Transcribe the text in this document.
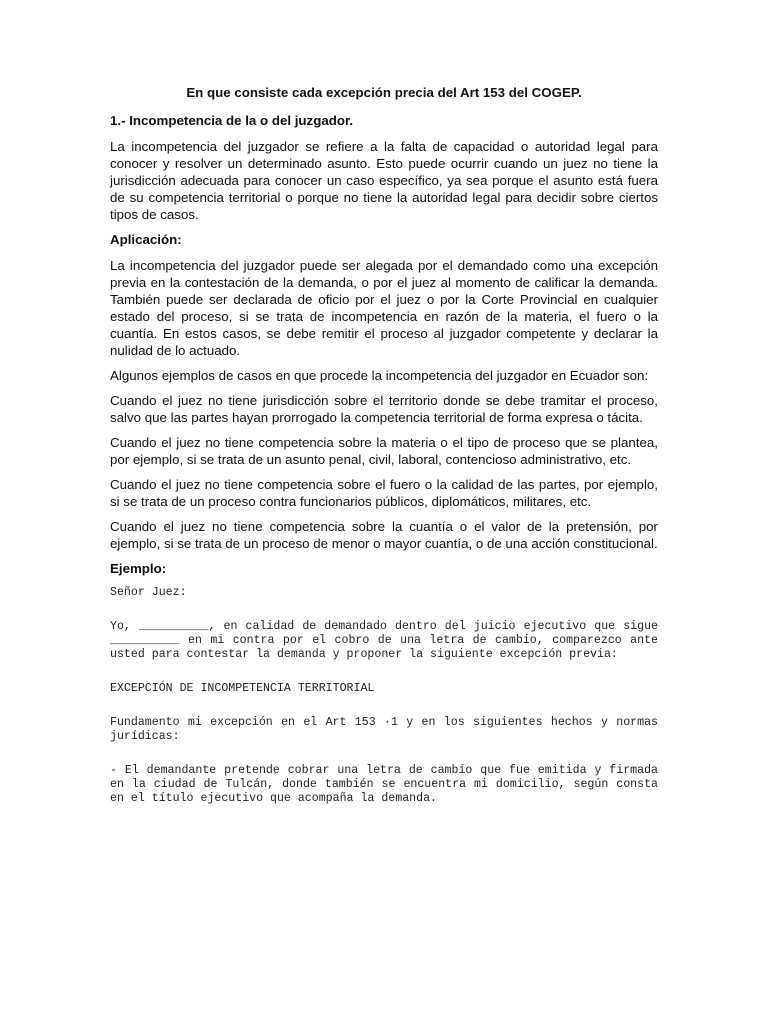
En que consiste cada excepción precia del Art 153 del COGEP.
1.- Incompetencia de la o del juzgador.

La incompetencia del juzgador se refiere a la falta de capacidad o autoridad legal para conocer y resolver un determinado asunto. Esto puede ocurrir cuando un juez no tiene la jurisdicción adecuada para conocer un caso específico, ya sea porque el asunto está fuera de su competencia territorial o porque no tiene la autoridad legal para decidir sobre ciertos tipos de casos.

Aplicación:

La incompetencia del juzgador puede ser alegada por el demandado como una excepción previa en la contestación de la demanda, o por el juez al momento de calificar la demanda. También puede ser declarada de oficio por el juez o por la Corte Provincial en cualquier estado del proceso, si se trata de incompetencia en razón de la materia, el fuero o la cuantía. En estos casos, se debe remitir el proceso al juzgador competente y declarar la nulidad de lo actuado.

Algunos ejemplos de casos en que procede la incompetencia del juzgador en Ecuador son:

Cuando el juez no tiene jurisdicción sobre el territorio donde se debe tramitar el proceso, salvo que las partes hayan prorrogado la competencia territorial de forma expresa o tácita.

Cuando el juez no tiene competencia sobre la materia o el tipo de proceso que se plantea, por ejemplo, si se trata de un asunto penal, civil, laboral, contencioso administrativo, etc.

Cuando el juez no tiene competencia sobre el fuero o la calidad de las partes, por ejemplo, si se trata de un proceso contra funcionarios públicos, diplomáticos, militares, etc.

Cuando el juez no tiene competencia sobre la cuantía o el valor de la pretensión, por ejemplo, si se trata de un proceso de menor o mayor cuantía, o de una acción constitucional.

Ejemplo:

Señor Juez:

Yo, __________, en calidad de demandado dentro del juicio ejecutivo que sigue __________ en mi contra por el cobro de una letra de cambio, comparezco ante usted para contestar la demanda y proponer la siguiente excepción previa:

EXCEPCIÓN DE INCOMPETENCIA TERRITORIAL

Fundamento mi excepción en el Art 153 ·1 y en los siguientes hechos y normas jurídicas:

- El demandante pretende cobrar una letra de cambio que fue emitida y firmada en la ciudad de Tulcán, donde también se encuentra mi domicilio, según consta en el título ejecutivo que acompaña la demanda.
